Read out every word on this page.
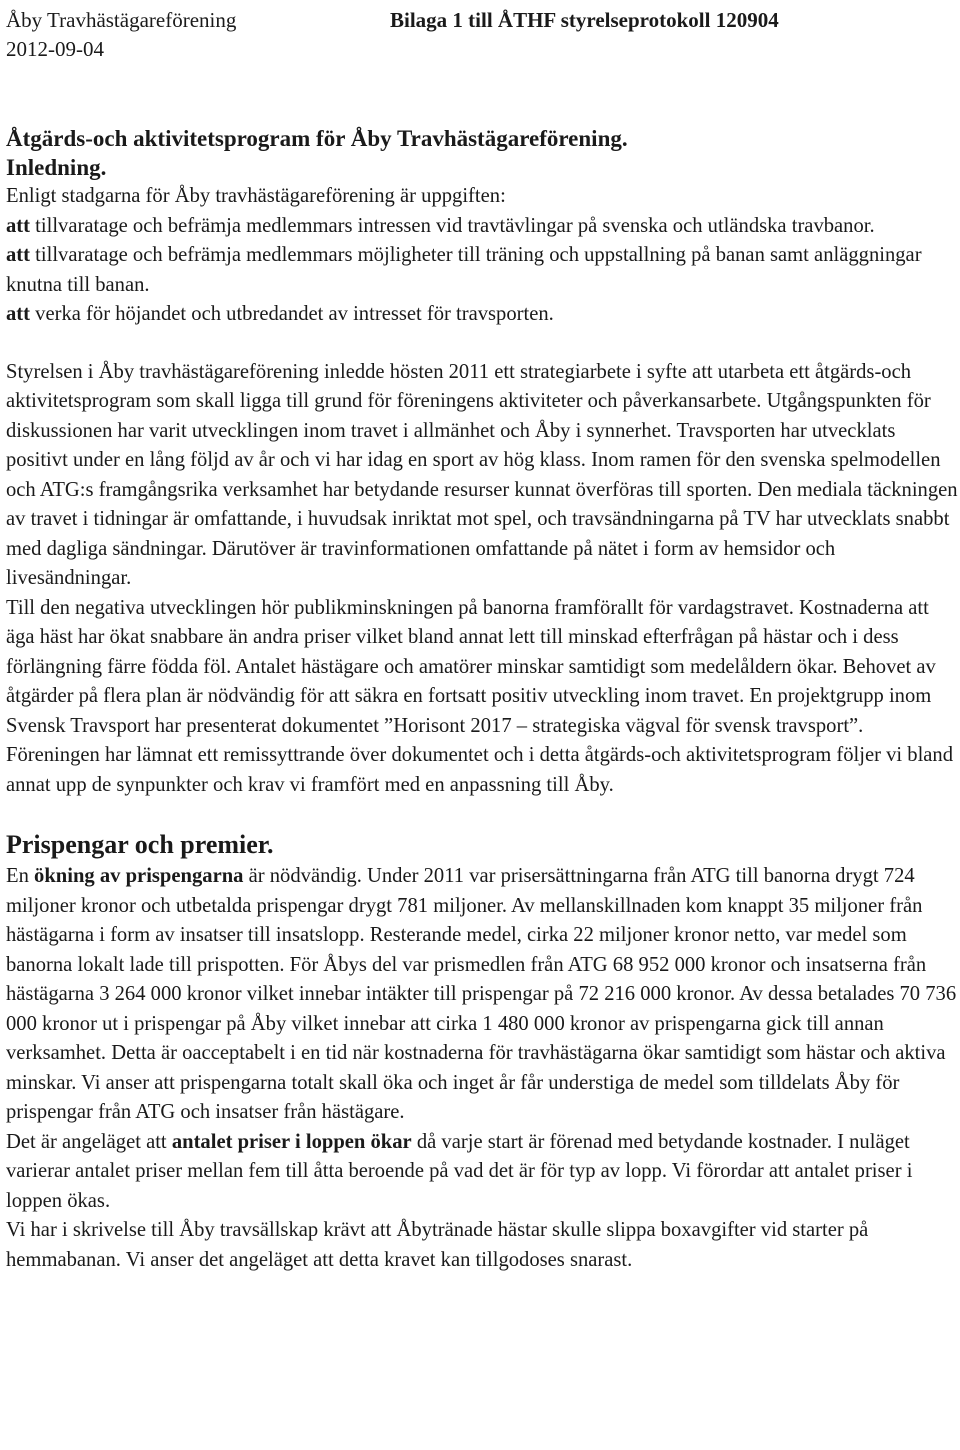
Åby Travhästägareförening
2012-09-04
Bilaga 1 till ÅTHF styrelseprotokoll 120904

Åtgärds-och aktivitetsprogram för Åby Travhästägareförening.

Inledning.

Enligt stadgarna för Åby travhästägareförening är uppgiften:

att tillvaratage och befrämja medlemmars intressen vid travtävlingar på svenska och utländska travbanor.

att tillvaratage och befrämja medlemmars möjligheter till träning och uppstallning på banan samt anläggningar knutna till banan.

att verka för höjandet och utbredandet av intresset för travsporten.

Styrelsen i Åby travhästägareförening inledde hösten 2011 ett strategiarbete i syfte att utarbeta ett åtgärds-och aktivitetsprogram som skall ligga till grund för föreningens aktiviteter och påverkansarbete. Utgångspunkten för diskussionen har varit utvecklingen inom travet i allmänhet och Åby i synnerhet. Travsporten har utvecklats positivt under en lång följd av år och vi har idag en sport av hög klass. Inom ramen för den svenska spelmodellen och ATG:s framgångsrika verksamhet har betydande resurser kunnat överföras till sporten. Den mediala täckningen av travet i tidningar är omfattande, i huvudsak inriktat mot spel, och travsändningarna på TV har utvecklats snabbt med dagliga sändningar. Därutöver är travinformationen omfattande på nätet i form av hemsidor och livesändningar.

Till den negativa utvecklingen hör publikminskningen på banorna framförallt för vardagstravet. Kostnaderna att äga häst har ökat snabbare än andra priser vilket bland annat lett till minskad efterfrågan på hästar och i dess förlängning färre födda föl. Antalet hästägare och amatörer minskar samtidigt som medelåldern ökar. Behovet av åtgärder på flera plan är nödvändig för att säkra en fortsatt positiv utveckling inom travet. En projektgrupp inom Svensk Travsport har presenterat dokumentet ”Horisont 2017 – strategiska vägval för svensk travsport”. Föreningen har lämnat ett remissyttrande över dokumentet och i detta åtgärds-och aktivitetsprogram följer vi bland annat upp de synpunkter och krav vi framfört med en anpassning till Åby.

Prispengar och premier.

En ökning av prispengarna är nödvändig. Under 2011 var prisersättningarna från ATG till banorna drygt 724 miljoner kronor och utbetalda prispengar drygt 781 miljoner. Av mellanskillnaden kom knappt 35 miljoner från hästägarna i form av insatser till insatslopp. Resterande medel, cirka 22 miljoner kronor netto, var medel som banorna lokalt lade till prispotten. För Åbys del var prismedlen från ATG 68 952 000 kronor och insatserna från hästägarna 3 264 000 kronor vilket innebar intäkter till prispengar på 72 216 000 kronor. Av dessa betalades 70 736 000 kronor ut i prispengar på Åby vilket innebar att cirka 1 480 000 kronor av prispengarna gick till annan verksamhet. Detta är oacceptabelt i en tid när kostnaderna för travhästägarna ökar samtidigt som hästar och aktiva minskar. Vi anser att prispengarna totalt skall öka och inget år får understiga de medel som tilldelats Åby för prispengar från ATG och insatser från hästägare.

Det är angeläget att antalet priser i loppen ökar då varje start är förenad med betydande kostnader. I nuläget varierar antalet priser mellan fem till åtta beroende på vad det är för typ av lopp. Vi förordar att antalet priser i loppen ökas.

Vi har i skrivelse till Åby travsällskap krävt att Åbytränade hästar skulle slippa boxavgifter vid starter på hemmabanan. Vi anser det angeläget att detta kravet kan tillgodoses snarast.
